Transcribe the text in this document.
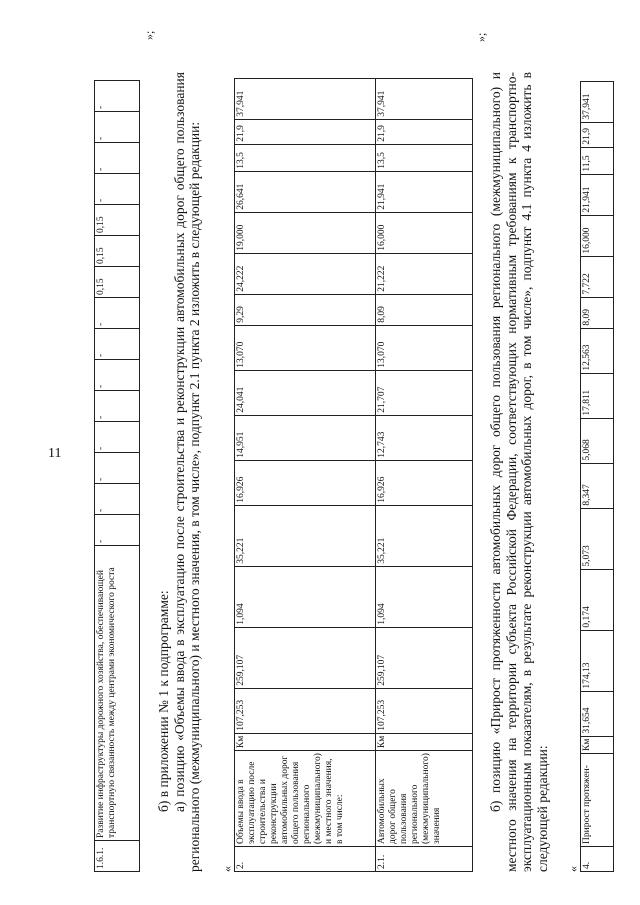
11
1.6.1.	Развитие инфраструктуры дорожного хозяйства, обеспечивающей транспортную связанность между центрами экономического роста	-	-	-	-	-	-	-	-	0,15	0,15	0,15	-	-	-	-
»;

б) в приложении № 1 к подпрограмме: а) позицию «Объемы ввода в эксплуатацию после строительства и реконструкции автомобильных дорог общего пользования регионального (межмуниципального) и местного значения, в том числе», подпункт 2.1 пункта 2 изложить в следующей редакции: « 2.	Объемы ввода в эксплуатацию после строительства и реконструкции автомобильных дорог общего пользования регионального (межмуниципального) и местного значения, в том числе:	Км	107,253	259,107	1,094	35,221	16,926	14,951	24,041	13,070	9,29	24,222	19,000	26,641	13,5	21,9	37,941
2.1.	Автомобильных дорог общего пользования регионального (межмуниципального) значения	Км	107,253	259,107	1,094	35,221	16,926	12,743	21,707	13,070	8,09	21,222	16,000	21,941	13,5	21,9	37,941
»;

б) позицию «Прирост протяженности автомобильных дорог общего пользования регионального (межмуниципального) и местного значения на территории субъекта Российской Федерации, соответствующих нормативным требованиям к транспортно-эксплуатационным показателям, в результате реконструкции автомобильных дорог, в том числе», подпункт 4.1 пункта 4 изложить в следующей редакции: « 4.	Прирост протяжен-	Км	31,654	174,13	0,174	5,073	8,347	5,068	17,811	12,563	8,09	7,722	16,000	21,941	11,5	21,9	37,941
